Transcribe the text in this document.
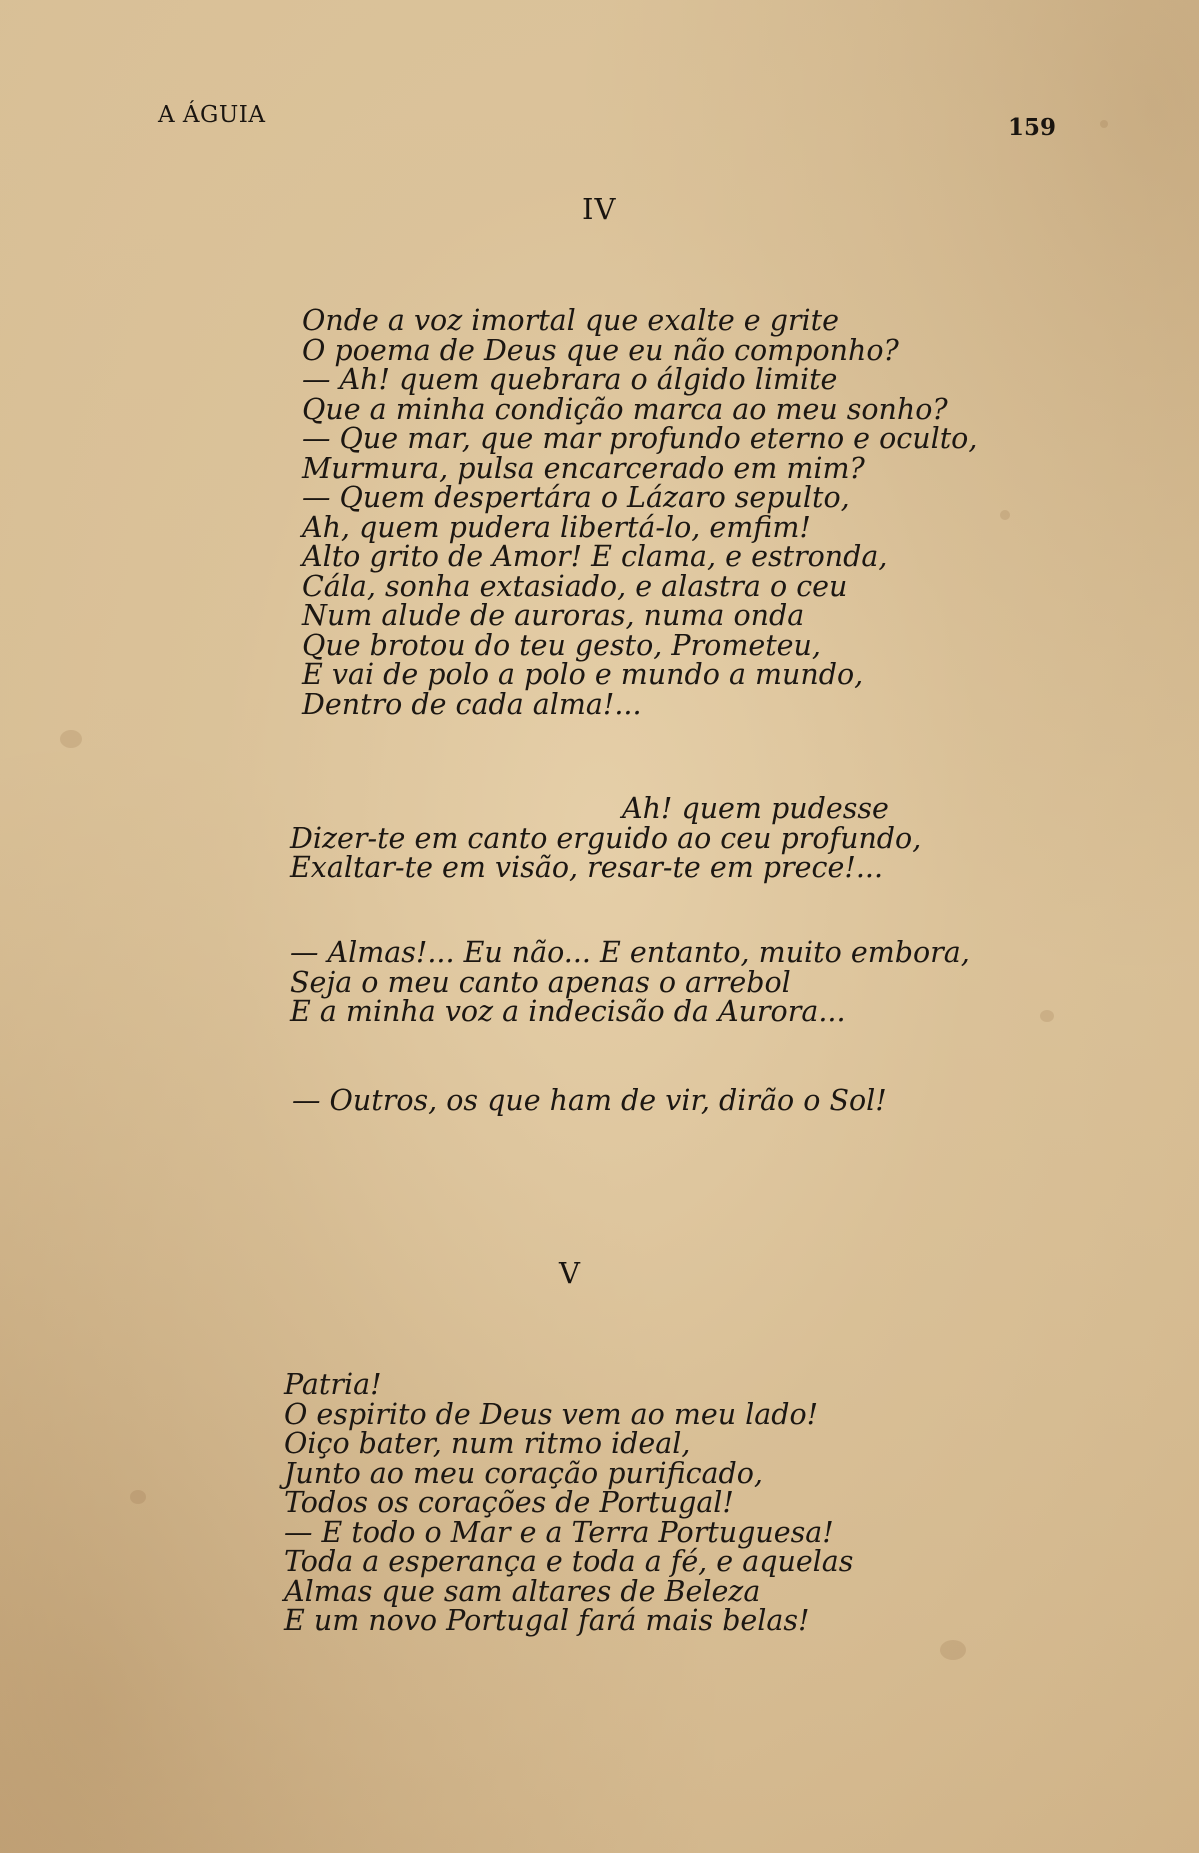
A ÁGUIA	159
IV
Onde a voz imortal que exalte e grite
O poema de Deus que eu não componho?
— Ah! quem quebrara o álgido limite
Que a minha condição marca ao meu sonho?
— Que mar, que mar profundo eterno e oculto,
Murmura, pulsa encarcerado em mim?
— Quem despertára o Lázaro sepulto,
Ah, quem pudera libertá-lo, emfim!
Alto grito de Amor! E clama, e estronda,
Cála, sonha extasiado, e alastra o ceu
Num alude de auroras, numa onda
Que brotou do teu gesto, Prometeu,
E vai de polo a polo e mundo a mundo,
Dentro de cada alma!...
Ah! quem pudesse
Dizer-te em canto erguido ao ceu profundo,
Exaltar-te em visão, resar-te em prece!...
— Almas!... Eu não... E entanto, muito embora,
Seja o meu canto apenas o arrebol
E a minha voz a indecisão da Aurora...
— Outros, os que ham de vir, dirão o Sol!
V
Patria!
O espirito de Deus vem ao meu lado!
Oiço bater, num ritmo ideal,
Junto ao meu coração purificado,
Todos os corações de Portugal!
— E todo o Mar e a Terra Portuguesa!
Toda a esperança e toda a fé, e aquelas
Almas que sam altares de Beleza
E um novo Portugal fará mais belas!
